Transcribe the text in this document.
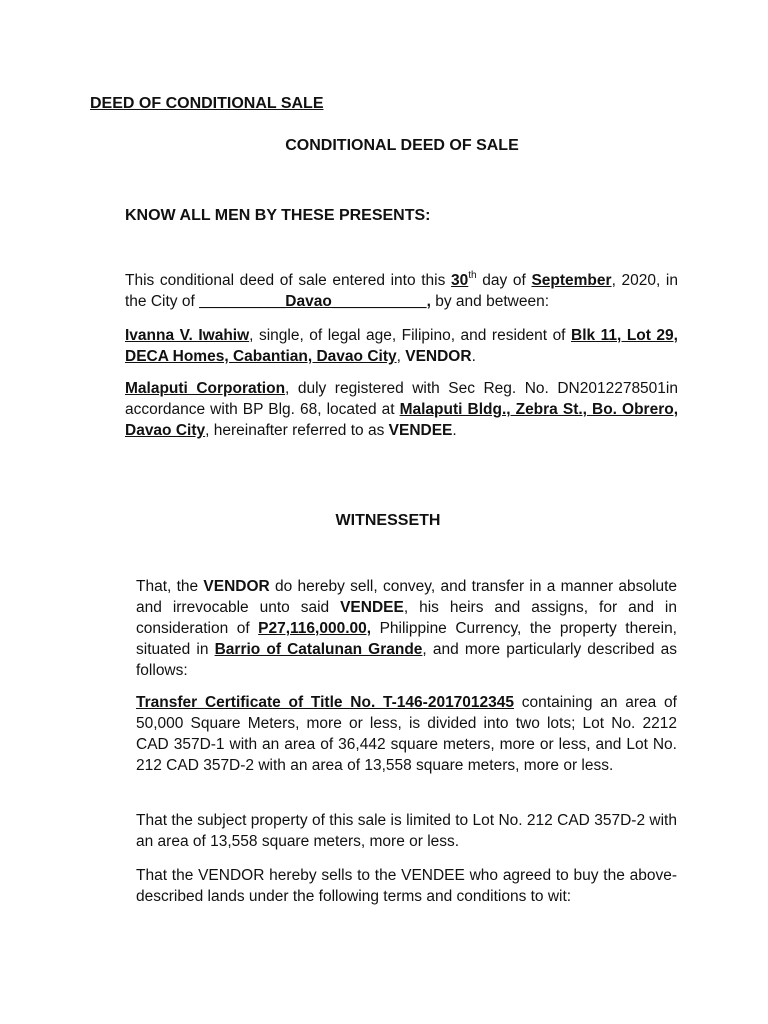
DEED OF CONDITIONAL SALE

CONDITIONAL DEED OF SALE

KNOW ALL MEN BY THESE PRESENTS:

This conditional deed of sale entered into this 30th day of September, 2020, in the City of __________Davao___________, by and between:

Ivanna V. Iwahiw, single, of legal age, Filipino, and resident of Blk 11, Lot 29, DECA Homes, Cabantian, Davao City, VENDOR.

Malaputi Corporation, duly registered with Sec Reg. No. DN2012278501in accordance with BP Blg. 68, located at Malaputi Bldg., Zebra St., Bo. Obrero, Davao City, hereinafter referred to as VENDEE.

WITNESSETH

That, the VENDOR do hereby sell, convey, and transfer in a manner absolute and irrevocable unto said VENDEE, his heirs and assigns, for and in consideration of P27,116,000.00, Philippine Currency, the property therein, situated in Barrio of Catalunan Grande, and more particularly described as follows:

Transfer Certificate of Title No. T-146-2017012345 containing an area of 50,000 Square Meters, more or less, is divided into two lots; Lot No. 2212 CAD 357D-1 with an area of 36,442 square meters, more or less, and Lot No. 212 CAD 357D-2 with an area of 13,558 square meters, more or less.

That the subject property of this sale is limited to Lot No. 212 CAD 357D-2 with an area of 13,558 square meters, more or less.

That the VENDOR hereby sells to the VENDEE who agreed to buy the above-described lands under the following terms and conditions to wit:
